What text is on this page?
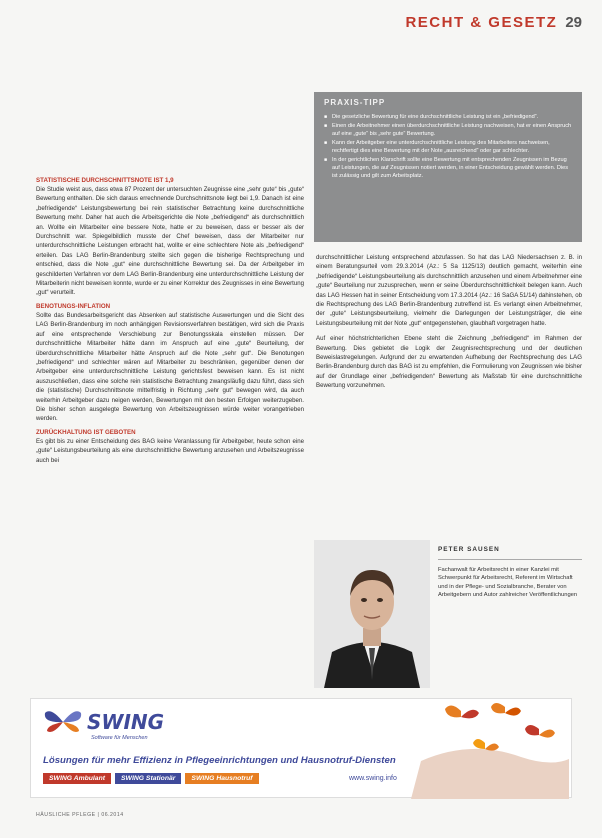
RECHT & GESETZ 29
PRAXIS-TIPP
■ Die gesetzliche Bewertung für eine durchschnittliche Leistung ist ein „befriedigend“.
■ Einen die Arbeitnehmer einen überdurchschnittliche Leistung nachweisen, hat er einen Anspruch auf eine „gute“ bis „sehr gute“ Bewertung.
■ Kann der Arbeitgeber eine unterdurchschnittliche Leistung des Mitarbeiters nachweisen, rechtfertigt dies eine Bewertung mit der Note „ausreichend“ oder gar schlechter.
■ In der gerichtlichen Klarschrift sollte eine Bewertung mit entsprechenden Zeugnissen im Bezug auf Leistungen, die auf Zeugnissen notiert werden, in einer Entscheidung gewählt werden. Dies ist zulässig und gilt zum Arbeitsplatz.
STATISTISCHE DURCHSCHNITTSNOTE IST 1,9

Die Studie weist aus, dass etwa 87 Prozent der untersuchten Zeugnisse eine „sehr gute“ bis „gute“ Bewertung enthalten. Die sich daraus errechnende Durchschnittsnote liegt bei 1,9. Danach ist eine „befriedigende“ Leistungsbewertung bei rein statistischer Betrachtung keine durchschnittliche Bewertung mehr. Daher hat auch die Arbeitsgerichte die Note „befriedigend“ als durchschnittlich an. Wollte ein Mitarbeiter eine bessere Note, hatte er zu beweisen, dass er besser als der Durchschnitt war. Spiegelbildlich musste der Chef beweisen, dass der Mitarbeiter nur unterdurchschnittliche Leistungen erbracht hat, wollte er eine schlechtere Note als „befriedigend“ erteilen. Das LAG Berlin-Brandenburg stellte sich gegen die bisherige Rechtsprechung und entschied, dass die Note „gut“ eine durchschnittliche Bewertung sei. Da der Arbeitgeber im geschilderten Verfahren vor dem LAG Berlin-Brandenburg eine unterdurchschnittliche Leistung der Mitarbeiterin nicht beweisen konnte, wurde er zu einer Korrektur des Zeugnisses in eine Bewertung „gut“ verurteilt.

BENOTUNGS-INFLATION

Sollte das Bundesarbeitsgericht das Absenken auf statistische Auswertungen und die Sicht des LAG Berlin-Brandenburg im noch anhängigen Revisionsverfahren bestätigen, wird sich die Praxis auf eine entsprechende Verschiebung zur Benotungsskala einstellen müssen. Der durchschnittliche Mitarbeiter hätte dann im Anspruch auf eine „gute“ Beurteilung, der überdurchschnittliche Mitarbeiter hätte Anspruch auf die Note „sehr gut“. Die Benotungen „befriedigend“ und schlechter wären auf Mitarbeiter zu beschränken, gegenüber denen der Arbeitgeber eine unterdurchschnittliche Leistung gerichtsfest beweisen kann. Es ist nicht auszuschließen, dass eine solche rein statistische Betrachtung zwangsläufig dazu führt, dass sich die (statistische) Durchschnittsnote mittelfristig in Richtung „sehr gut“ bewegen wird, da auch weiterhin Arbeitgeber dazu neigen werden, Bewertungen mit den besten Erfolgen weiterzugeben. Die bisher schon ausgelegte Bewertung von Arbeitszeugnissen würde weiter vorangetrieben werden.

ZURÜCKHALTUNG IST GEBOTEN

Es gibt bis zu einer Entscheidung des BAG keine Veranlassung für Arbeitgeber, heute schon eine „gute“ Leistungsbeurteilung als eine durchschnittliche Bewertung anzusehen und Arbeitszeugnisse auch bei

durchschnittlicher Leistung entsprechend abzufassen. So hat das LAG Niedersachsen z. B. in einem Beratungsurteil vom 29.3.2014 (Az.: 5 Sa 1125/13) deutlich gemacht, weiterhin eine „befriedigende“ Leistungsbeurteilung als durchschnittlich anzusehen und einem Arbeitnehmer eine „gute“ Beurteilung nur zuzusprechen, wenn er seine Überdurchschnittlichkeit belegen kann. Auch das LAG Hessen hat in seiner Entscheidung vom 17.3.2014 (Az.: 16 SaGA 51/14) dahinstehen, ob die Rechtsprechung des LAG Berlin-Brandenburg zutreffend ist. Es verlangt einen Arbeitnehmer, der „gute“ Leistungsbeurteilung, vielmehr die Darlegungen der Leistungsträger, die eine Leistungsbeurteilung mit der Note „gut“ entgegenstehen, glaubhaft vorgetragen hatte.

Auf einer höchstrichterlichen Ebene steht die Zeichnung „befriedigend“ im Rahmen der Bewertung. Dies gebietet die Logik der Zeugnisrechtsprechung und der deutlichen Beweislastregelungen. Aufgrund der zu erwartenden Aufhebung der Rechtsprechung des LAG Berlin-Brandenburg durch das BAG ist zu empfehlen, die Formulierung von Zeugnissen wie bisher auf der Grundlage einer „befriedigenden“ Bewertung als Maßstab für eine durchschnittliche Bewertung vorzunehmen.

PETER SAUSEN
Fachanwalt für Arbeitsrecht in einer Kanzlei mit Schwerpunkt für Arbeitsrecht, Referent im Wirtschaft und in der Pflege- und Sozialbranche, Berater von Arbeitgebern und Autor zahlreicher Veröffentlichungen
SWING
Software für Menschen
Lösungen für mehr Effizienz in Pflegeeinrichtungen und Hausnotruf-Diensten
SWING Ambulant	SWING Stationär	SWING Hausnotruf	www.swing.info
HÄUSLICHE PFLEGE | 06.2014
